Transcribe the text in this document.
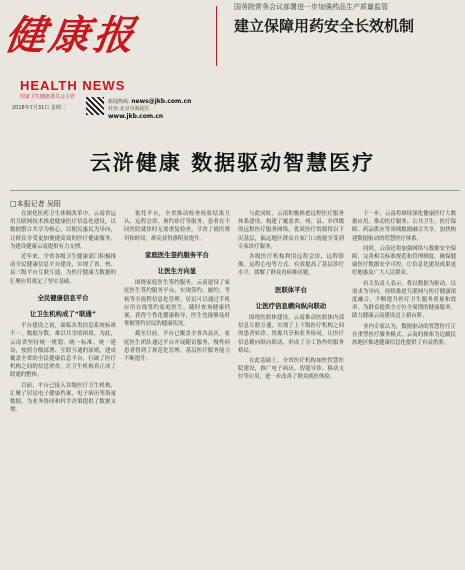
健
康
报
HEALTH NEWS
国家卫生健康委员会主管
国务院常务会议部署进一步加强药品生产质量监管
建立保障用药安全长效机制
2018年7月31日 星期二
新闻热线: news@jkb.com.cn
社址:北京市海淀区
www.jkb.com.cn
云浒健康 数据驱动智慧医疗
□本报记者 吴阳

在深化医药卫生体制改革中，云南省运用互联网技术推进健康医疗信息化建设，以数据整合共享为核心，以便民惠民为导向，让群众享受更加便捷高效的医疗健康服务，为建设健康云南提供有力支撑。

近年来，全省各级卫生健康部门积极推动全民健康信息平台建设，实现了省、州、县三级平台互联互通，为医疗健康大数据的汇聚应用奠定了坚实基础。

全民健康信息平台
让卫生机构成了“联通”

平台建设之初，面临各类信息系统标准不一、数据分散、难以共享的困境。为此，云南省坚持统一规划、统一标准、统一建设，按照分级部署、互联互通的原则，建成覆盖全省的全民健康信息平台，打破了医疗机构之间的信息壁垒，让卫生机构真正成了联通的整体。

目前，平台已接入各级医疗卫生机构，汇聚了居民电子健康档案、电子病历等海量数据，为业务协同和科学决策提供了数据支撑。

依托平台，全省推动检查检验结果互认、远程会诊、预约诊疗等服务，患者在不同医院就诊时无需重复检查，节省了就医费用和时间，群众获得感明显提升。

家庭医生签约服务平台
让医生方向显

围绕家庭医生签约服务，云南建设了家庭医生签约服务平台，实现签约、履约、考核等全流程信息化管理。居民可以通过手机应用在线签约家庭医生，随时查询健康档案，获得个性化健康指导，医生也能够及时掌握签约居民的健康状况。

截至目前，平台已覆盖全省各县区，家庭医生团队通过平台开展随访服务，慢性病患者得到了规范化管理，基层医疗服务能力不断提升。

与此同时，云南积极推进远程医疗服务体系建设，构建了覆盖省、州、县、乡四级的远程医疗服务网络，优质医疗资源得以下沉基层，偏远地区群众在家门口就能享受到专家诊疗服务。

各级医疗机构利用远程会诊、远程影像、远程心电等方式，有效提高了基层诊疗水平，缓解了群众看病难问题。

医联体平台
让医疗信息横向纵向联动

围绕医联体建设，云南推动医联体内部信息互联互通，实现了上下级医疗机构之间的患者转诊、资源共享和业务协同，让医疗信息横向纵向联动，形成了分工协作的服务格局。

在此基础上，全省医疗机构加快智慧医院建设，推广电子病历、智能导诊、移动支付等应用，进一步改善了群众就医体验。

下一步，云南将继续深化健康医疗大数据应用，推动医疗服务、公共卫生、医疗保障、药品供应等领域数据融合共享，加快构建数据驱动的智慧医疗体系。

同时，云南还将加强网络与数据安全保障，完善相关标准规范和管理制度，确保健康医疗数据安全可控，让信息化建设成果更好地惠及广大人民群众。

有关负责人表示，将以数据为驱动，以需求为导向，持续推进互联网与医疗健康深度融合，不断提升医疗卫生服务质量和效率，为群众提供全方位全周期的健康服务，助力健康云南建设迈上新台阶。

业内专家认为，数据驱动的智慧医疗正在重塑医疗服务模式，云南的探索为边疆民族地区推进健康信息化提供了有益借鉴。
